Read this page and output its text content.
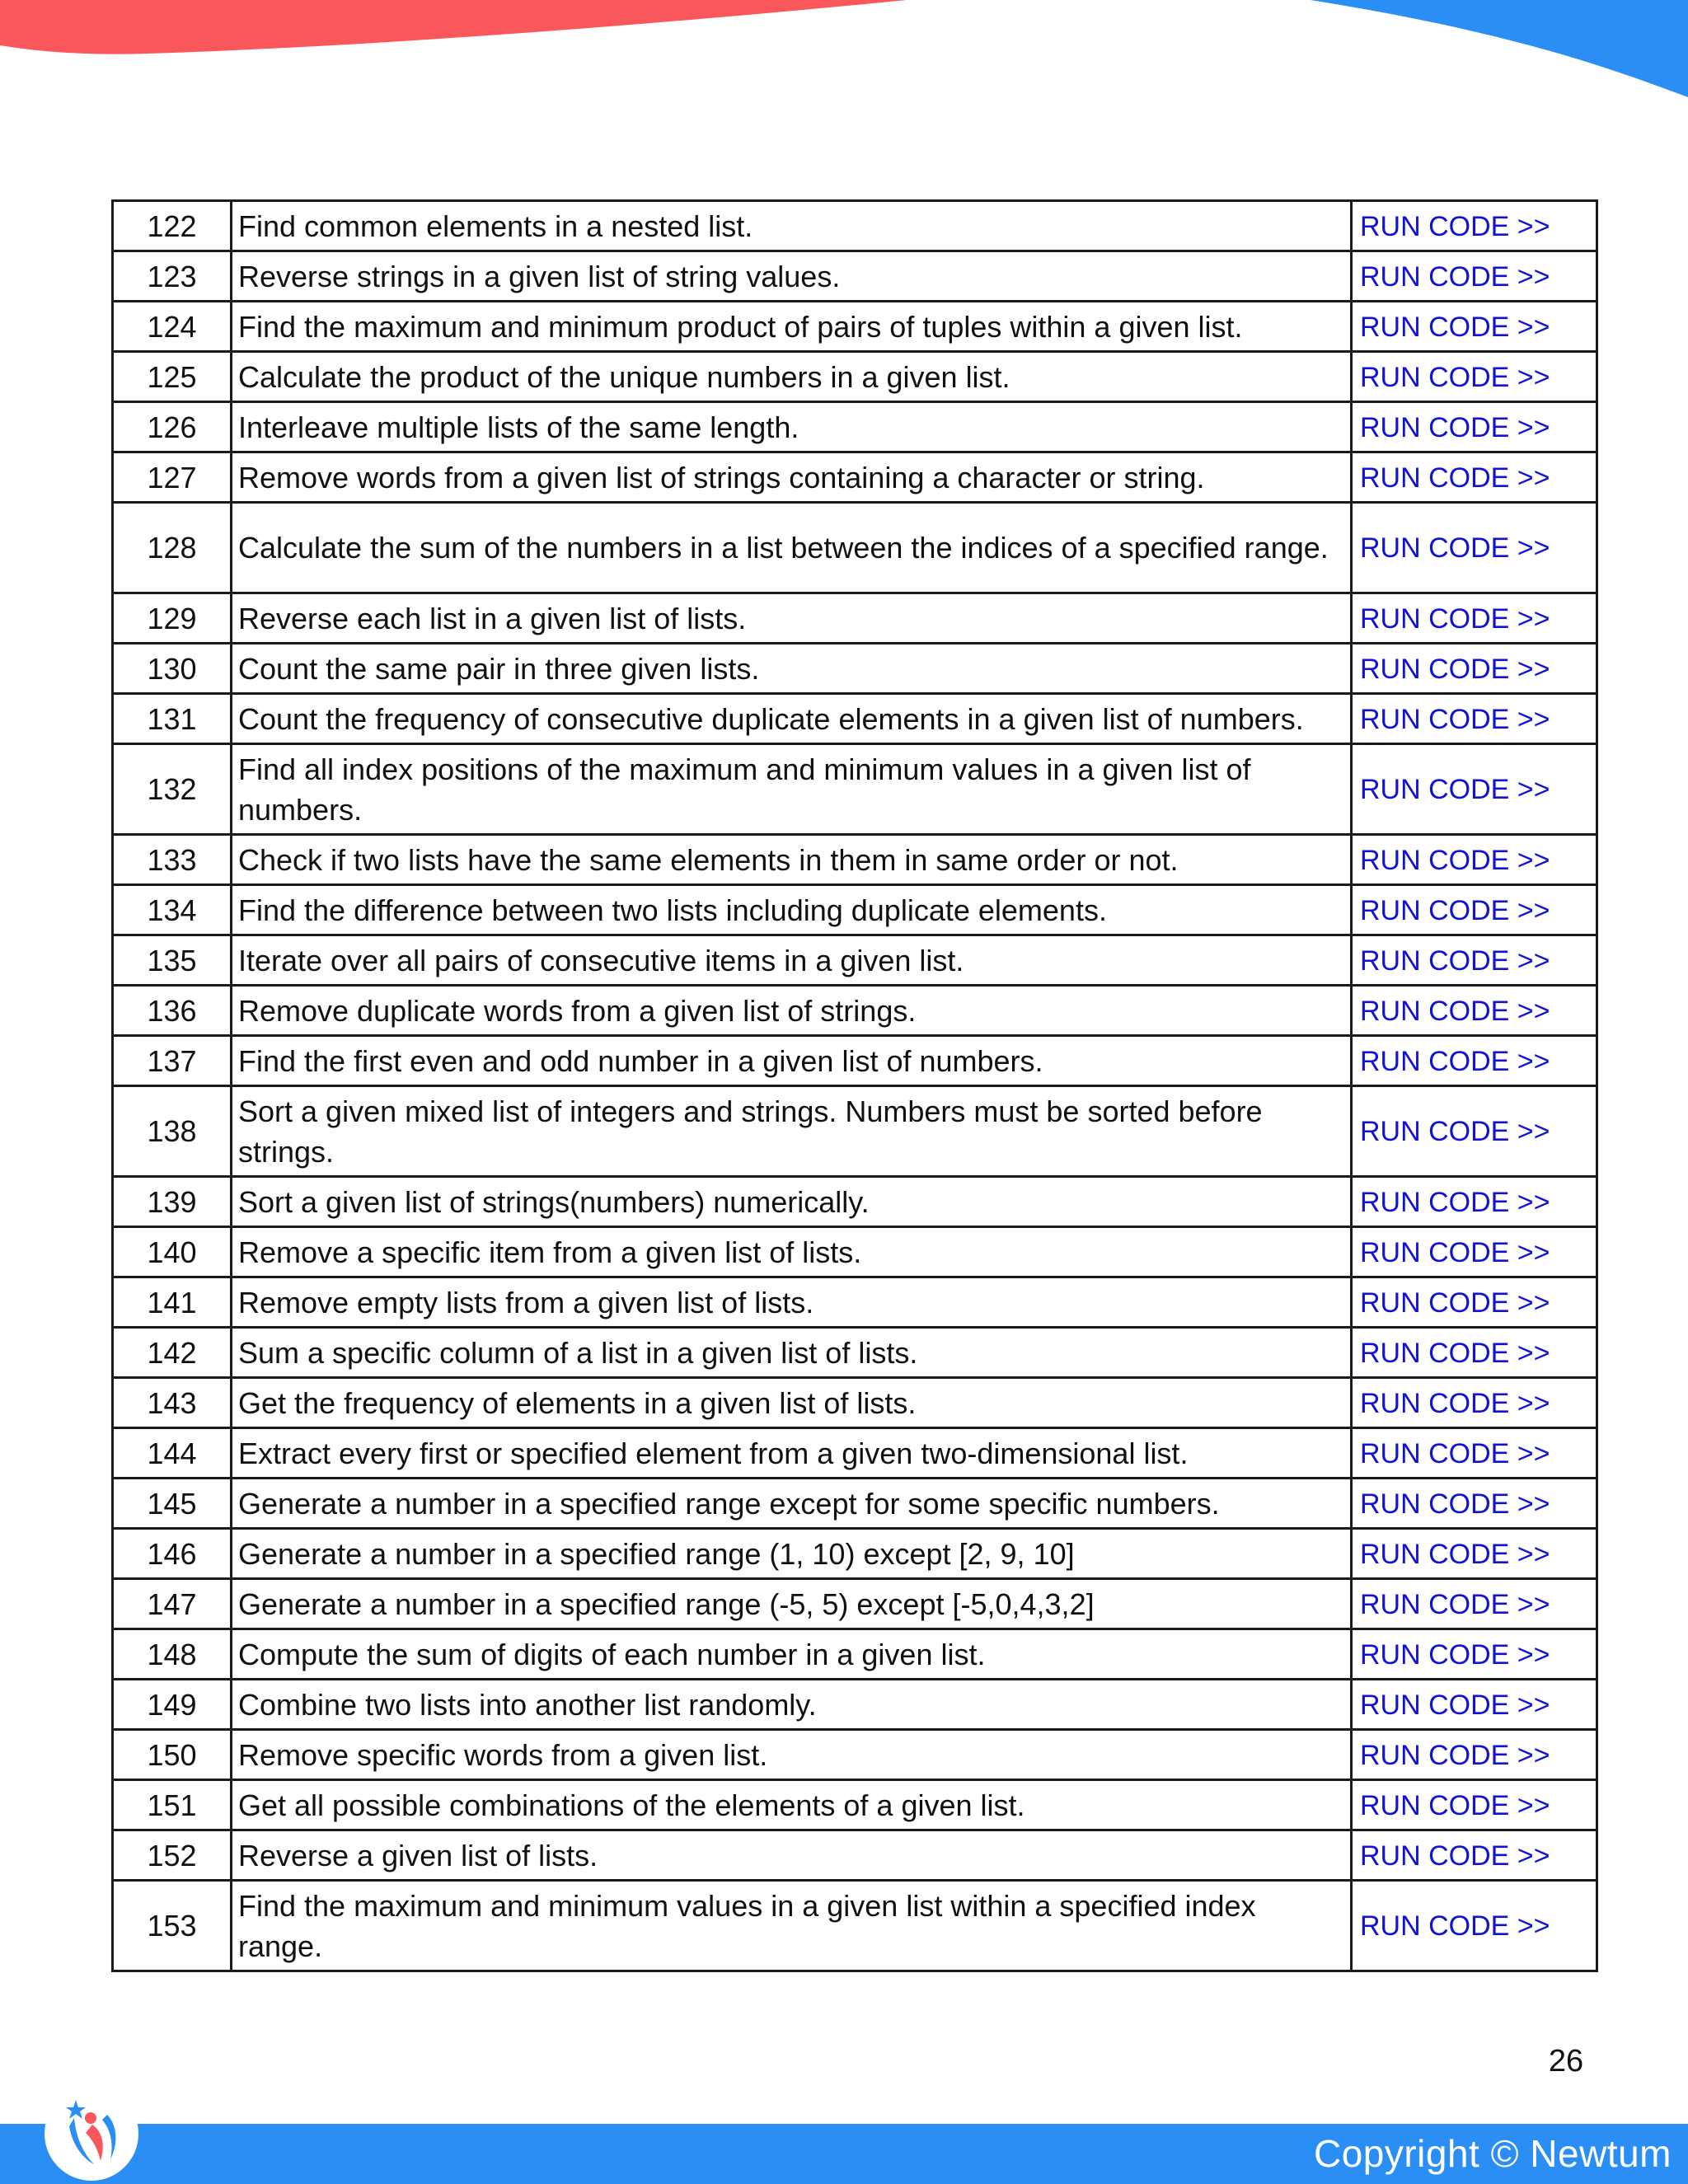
122	Find common elements in a nested list.	RUN CODE >>
123	Reverse strings in a given list of string values.	RUN CODE >>
124	Find the maximum and minimum product of pairs of tuples within a given list.	RUN CODE >>
125	Calculate the product of the unique numbers in a given list.	RUN CODE >>
126	Interleave multiple lists of the same length.	RUN CODE >>
127	Remove words from a given list of strings containing a character or string.	RUN CODE >>
128	Calculate the sum of the numbers in a list between the indices of a specified range.	RUN CODE >>
129	Reverse each list in a given list of lists.	RUN CODE >>
130	Count the same pair in three given lists.	RUN CODE >>
131	Count the frequency of consecutive duplicate elements in a given list of numbers.	RUN CODE >>
132	Find all index positions of the maximum and minimum values in a given list of numbers.	RUN CODE >>
133	Check if two lists have the same elements in them in same order or not.	RUN CODE >>
134	Find the difference between two lists including duplicate elements.	RUN CODE >>
135	Iterate over all pairs of consecutive items in a given list.	RUN CODE >>
136	Remove duplicate words from a given list of strings.	RUN CODE >>
137	Find the first even and odd number in a given list of numbers.	RUN CODE >>
138	Sort a given mixed list of integers and strings. Numbers must be sorted before strings.	RUN CODE >>
139	Sort a given list of strings(numbers) numerically.	RUN CODE >>
140	Remove a specific item from a given list of lists.	RUN CODE >>
141	Remove empty lists from a given list of lists.	RUN CODE >>
142	Sum a specific column of a list in a given list of lists.	RUN CODE >>
143	Get the frequency of elements in a given list of lists.	RUN CODE >>
144	Extract every first or specified element from a given two-dimensional list.	RUN CODE >>
145	Generate a number in a specified range except for some specific numbers.	RUN CODE >>
146	Generate a number in a specified range (1, 10) except [2, 9, 10]	RUN CODE >>
147	Generate a number in a specified range (-5, 5) except [-5,0,4,3,2]	RUN CODE >>
148	Compute the sum of digits of each number in a given list.	RUN CODE >>
149	Combine two lists into another list randomly.	RUN CODE >>
150	Remove specific words from a given list.	RUN CODE >>
151	Get all possible combinations of the elements of a given list.	RUN CODE >>
152	Reverse a given list of lists.	RUN CODE >>
153	Find the maximum and minimum values in a given list within a specified index range.	RUN CODE >>
26
Copyright © Newtum
